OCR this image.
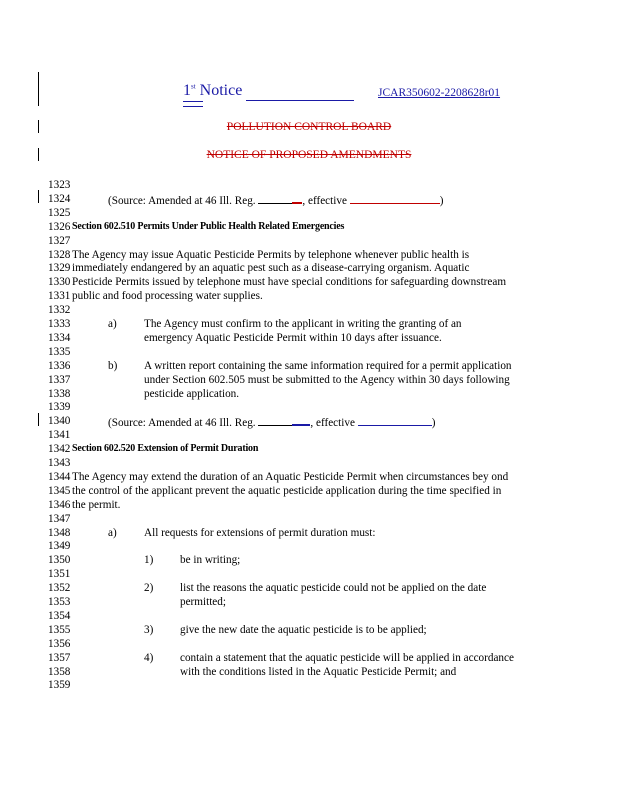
1st Notice	JCAR350602-2208628r01
POLLUTION CONTROL BOARD
NOTICE OF PROPOSED AMENDMENTS
1323
1324	(Source: Amended at 46 Ill. Reg.	, effective	)
1325
1326 Section 602.510 Permits Under Public Health Related Emergencies
1327
1328 The Agency may issue Aquatic Pesticide Permits by telephone whenever public health is
1329 immediately endangered by an aquatic pest such as a disease-carrying organism. Aquatic
1330 Pesticide Permits issued by telephone must have special conditions for safeguarding downstream
1331 public and food processing water supplies.
1332
1333	a) The Agency must confirm to the applicant in writing the granting of an
1334	emergency Aquatic Pesticide Permit within 10 days after issuance.
1335
1336	b) A written report containing the same information required for a permit application
1337	under Section 602.505 must be submitted to the Agency within 30 days following
1338	pesticide application.
1339
1340	(Source: Amended at 46 Ill. Reg.	, effective	)
1341
1342 Section 602.520 Extension of Permit Duration
1343
1344 The Agency may extend the duration of an Aquatic Pesticide Permit when circumstances bey ond
1345 the control of the applicant prevent the aquatic pesticide application during the time specified in
1346 the permit.
1347
1348	a) All requests for extensions of permit duration must:
1349
1350	1) be in writing;
1351
1352	2) list the reasons the aquatic pesticide could not be applied on the date
1353	permitted;
1354
1355	3) give the new date the aquatic pesticide is to be applied;
1356
1357	4) contain a statement that the aquatic pesticide will be applied in accordance
1358	with the conditions listed in the Aquatic Pesticide Permit; and
1359
